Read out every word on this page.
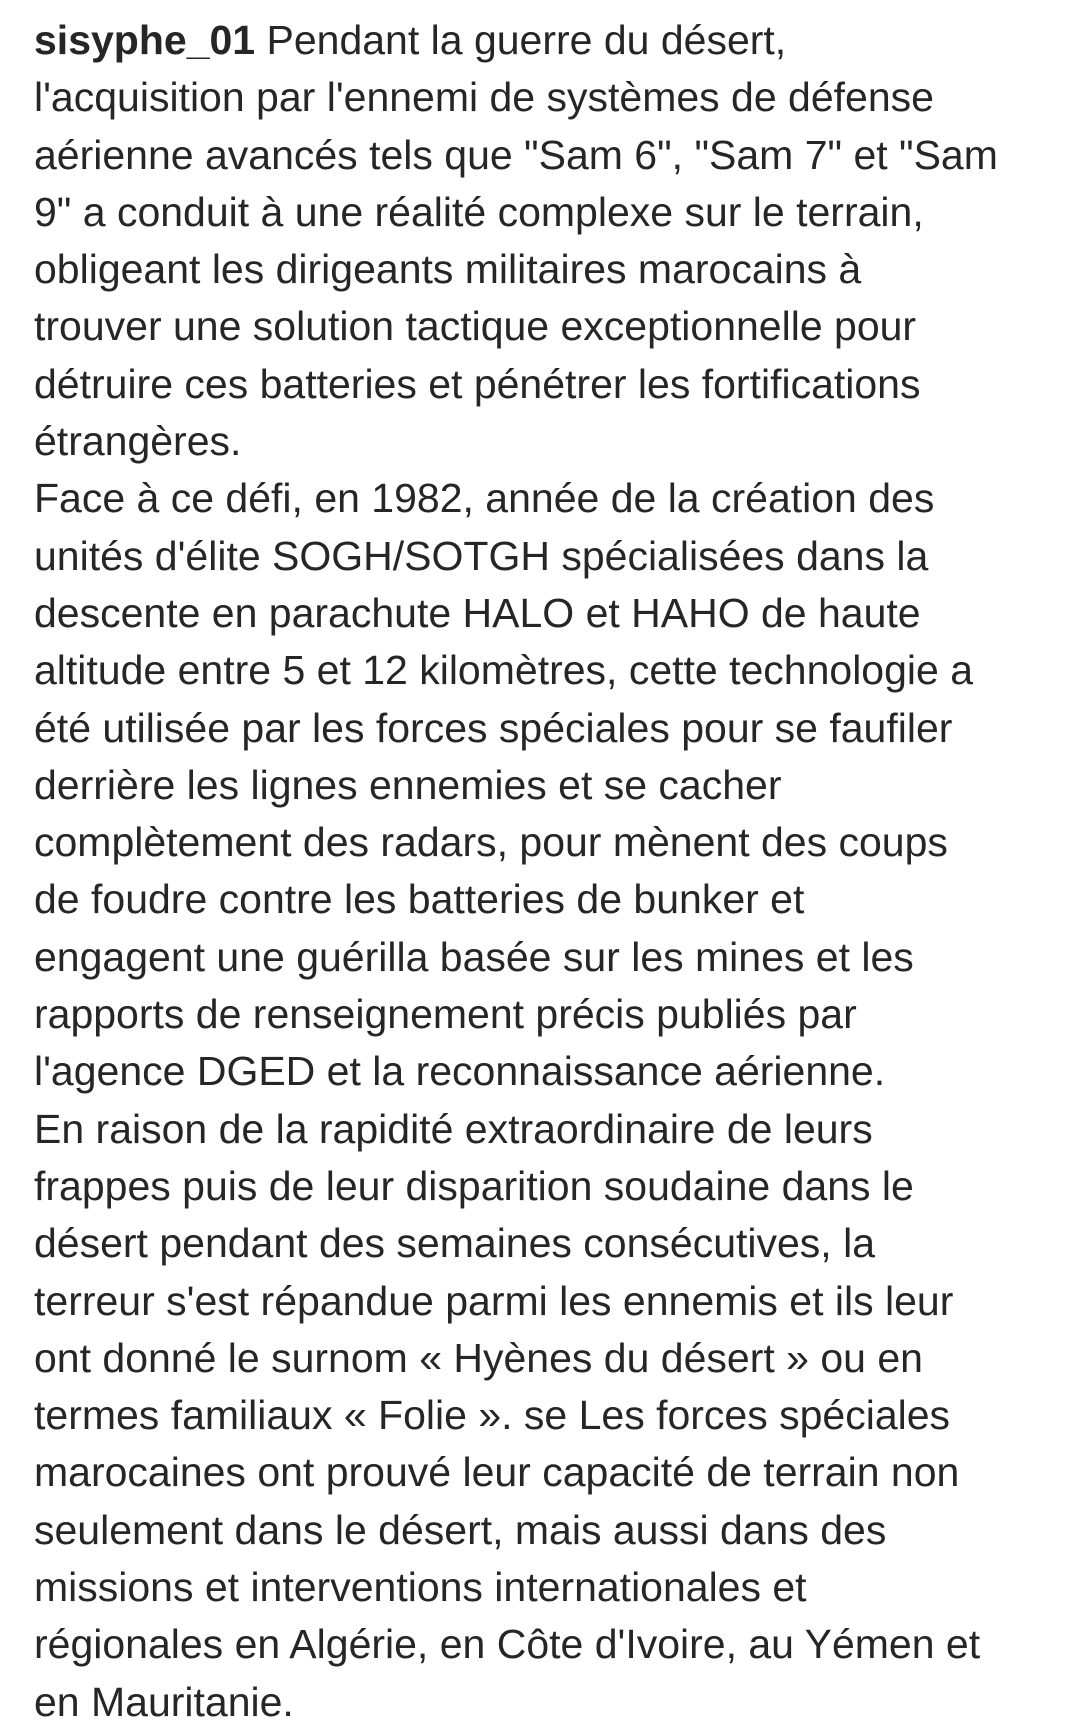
sisyphe_01 Pendant la guerre du désert,
l'acquisition par l'ennemi de systèmes de défense
aérienne avancés tels que "Sam 6", "Sam 7" et "Sam
9" a conduit à une réalité complexe sur le terrain,
obligeant les dirigeants militaires marocains à
trouver une solution tactique exceptionnelle pour
détruire ces batteries et pénétrer les fortifications
étrangères.
Face à ce défi, en 1982, année de la création des
unités d'élite SOGH/SOTGH spécialisées dans la
descente en parachute HALO et HAHO de haute
altitude entre 5 et 12 kilomètres, cette technologie a
été utilisée par les forces spéciales pour se faufiler
derrière les lignes ennemies et se cacher
complètement des radars, pour mènent des coups
de foudre contre les batteries de bunker et
engagent une guérilla basée sur les mines et les
rapports de renseignement précis publiés par
l'agence DGED et la reconnaissance aérienne.
En raison de la rapidité extraordinaire de leurs
frappes puis de leur disparition soudaine dans le
désert pendant des semaines consécutives, la
terreur s'est répandue parmi les ennemis et ils leur
ont donné le surnom « Hyènes du désert » ou en
termes familiaux « Folie ». se Les forces spéciales
marocaines ont prouvé leur capacité de terrain non
seulement dans le désert, mais aussi dans des
missions et interventions internationales et
régionales en Algérie, en Côte d'Ivoire, au Yémen et
en Mauritanie.
